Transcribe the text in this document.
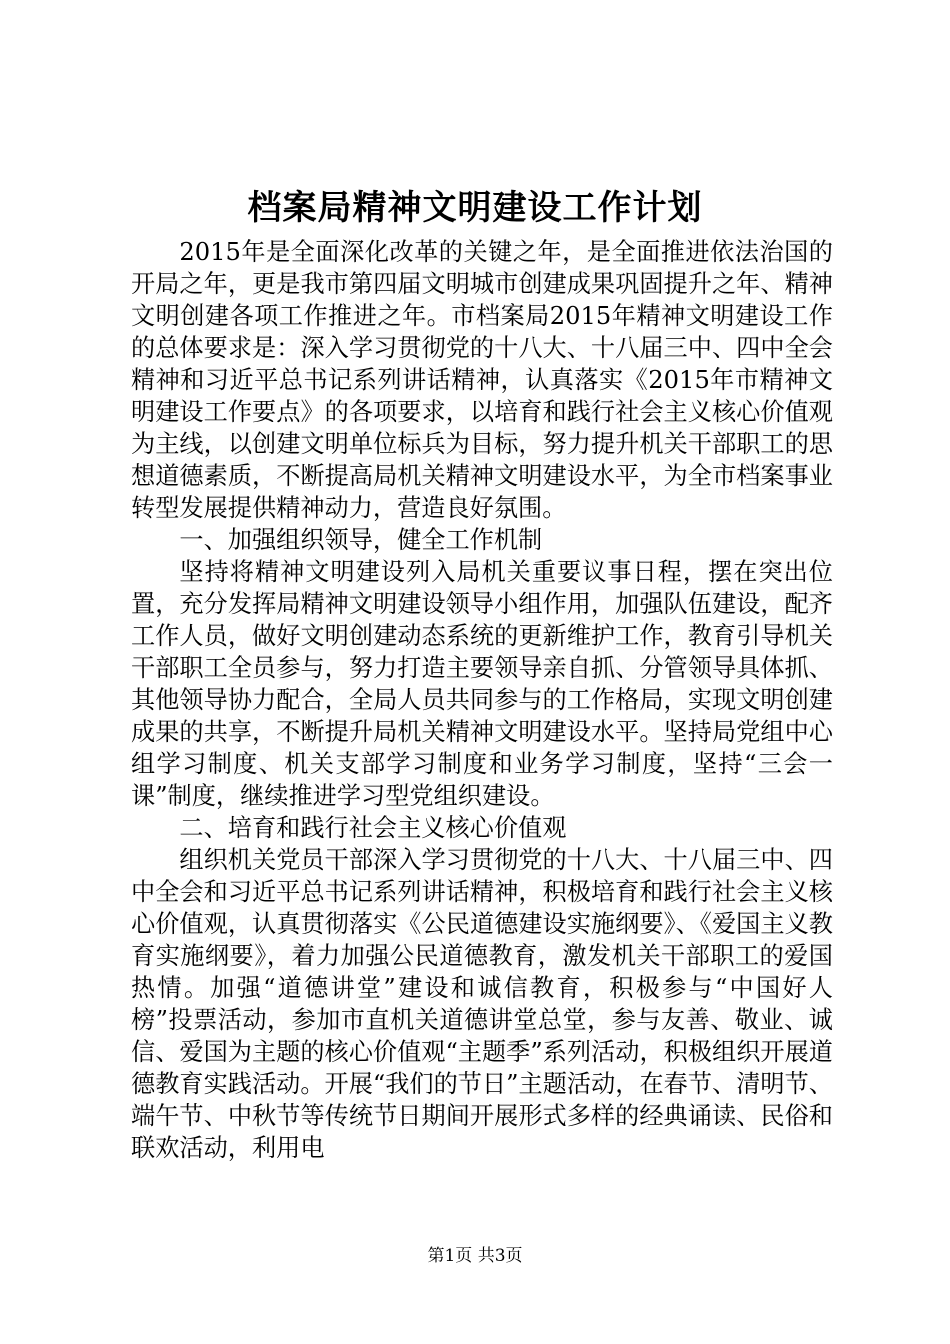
档案局精神文明建设工作计划

2015年是全面深化改革的关键之年，是全面推进依法治国的开局之年，更是我市第四届文明城市创建成果巩固提升之年、精神文明创建各项工作推进之年。市档案局2015年精神文明建设工作的总体要求是：深入学习贯彻党的十八大、十八届三中、四中全会精神和习近平总书记系列讲话精神，认真落实《2015年市精神文明建设工作要点》的各项要求，以培育和践行社会主义核心价值观为主线，以创建文明单位标兵为目标，努力提升机关干部职工的思想道德素质，不断提高局机关精神文明建设水平，为全市档案事业转型发展提供精神动力，营造良好氛围。

一、加强组织领导，健全工作机制

坚持将精神文明建设列入局机关重要议事日程，摆在突出位置，充分发挥局精神文明建设领导小组作用，加强队伍建设，配齐工作人员，做好文明创建动态系统的更新维护工作，教育引导机关干部职工全员参与，努力打造主要领导亲自抓、分管领导具体抓、其他领导协力配合，全局人员共同参与的工作格局，实现文明创建成果的共享，不断提升局机关精神文明建设水平。坚持局党组中心组学习制度、机关支部学习制度和业务学习制度，坚持“三会一课”制度，继续推进学习型党组织建设。

二、培育和践行社会主义核心价值观

组织机关党员干部深入学习贯彻党的十八大、十八届三中、四中全会和习近平总书记系列讲话精神，积极培育和践行社会主义核心价值观，认真贯彻落实《公民道德建设实施纲要》、《爱国主义教育实施纲要》，着力加强公民道德教育，激发机关干部职工的爱国热情。加强“道德讲堂”建设和诚信教育，积极参与“中国好人榜”投票活动，参加市直机关道德讲堂总堂，参与友善、敬业、诚信、爱国为主题的核心价值观“主题季”系列活动，积极组织开展道德教育实践活动。开展“我们的节日”主题活动，在春节、清明节、端午节、中秋节等传统节日期间开展形式多样的经典诵读、民俗和联欢活动，利用电

第1页 共3页
